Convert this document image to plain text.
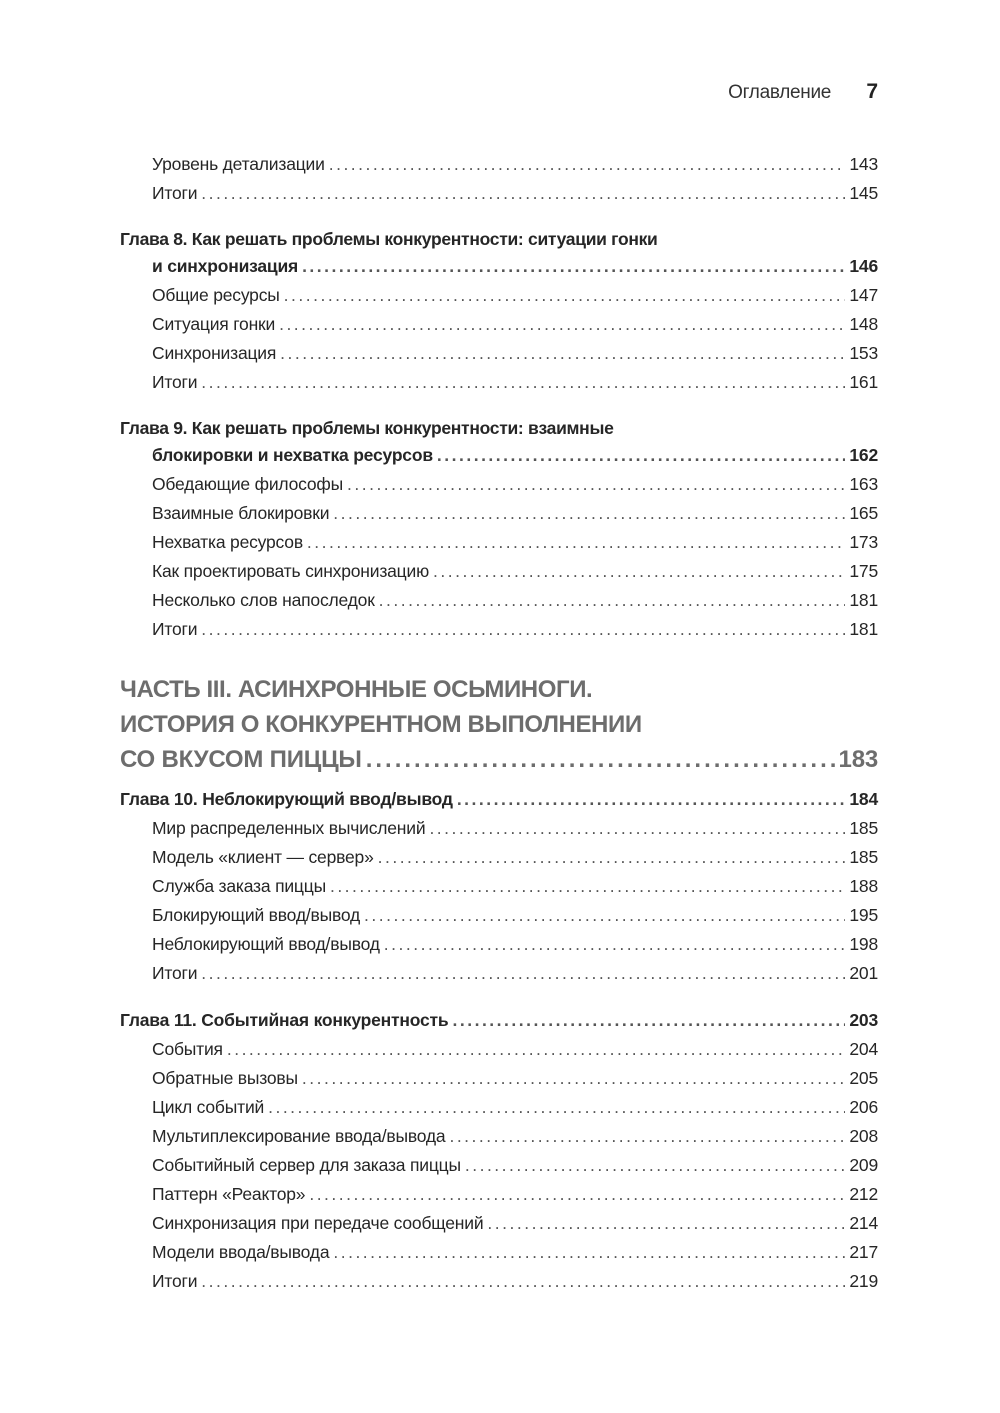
Оглавление 7
Уровень детализации .....	143
Итоги .....	145
Глава 8. Как решать проблемы конкурентности: ситуации гонки
и синхронизация .....	146
Общие ресурсы .....	147
Ситуация гонки .....	148
Синхронизация .....	153
Итоги .....	161
Глава 9. Как решать проблемы конкурентности: взаимные
блокировки и нехватка ресурсов .....	162
Обедающие философы .....	163
Взаимные блокировки .....	165
Нехватка ресурсов .....	173
Как проектировать синхронизацию .....	175
Несколько слов напоследок .....	181
Итоги .....	181
ЧАСТЬ III. АСИНХРОННЫЕ ОСЬМИНОГИ.
ИСТОРИЯ О КОНКУРЕНТНОМ ВЫПОЛНЕНИИ
СО ВКУСОМ ПИЦЦЫ .....	183
Глава 10. Неблокирующий ввод/вывод .....	184
Мир распределенных вычислений .....	185
Модель «клиент — сервер» .....	185
Служба заказа пиццы .....	188
Блокирующий ввод/вывод .....	195
Неблокирующий ввод/вывод .....	198
Итоги .....	201
Глава 11. Событийная конкурентность .....	203
События .....	204
Обратные вызовы .....	205
Цикл событий .....	206
Мультиплексирование ввода/вывода .....	208
Событийный сервер для заказа пиццы .....	209
Паттерн «Реактор» .....	212
Синхронизация при передаче сообщений .....	214
Модели ввода/вывода .....	217
Итоги .....	219
